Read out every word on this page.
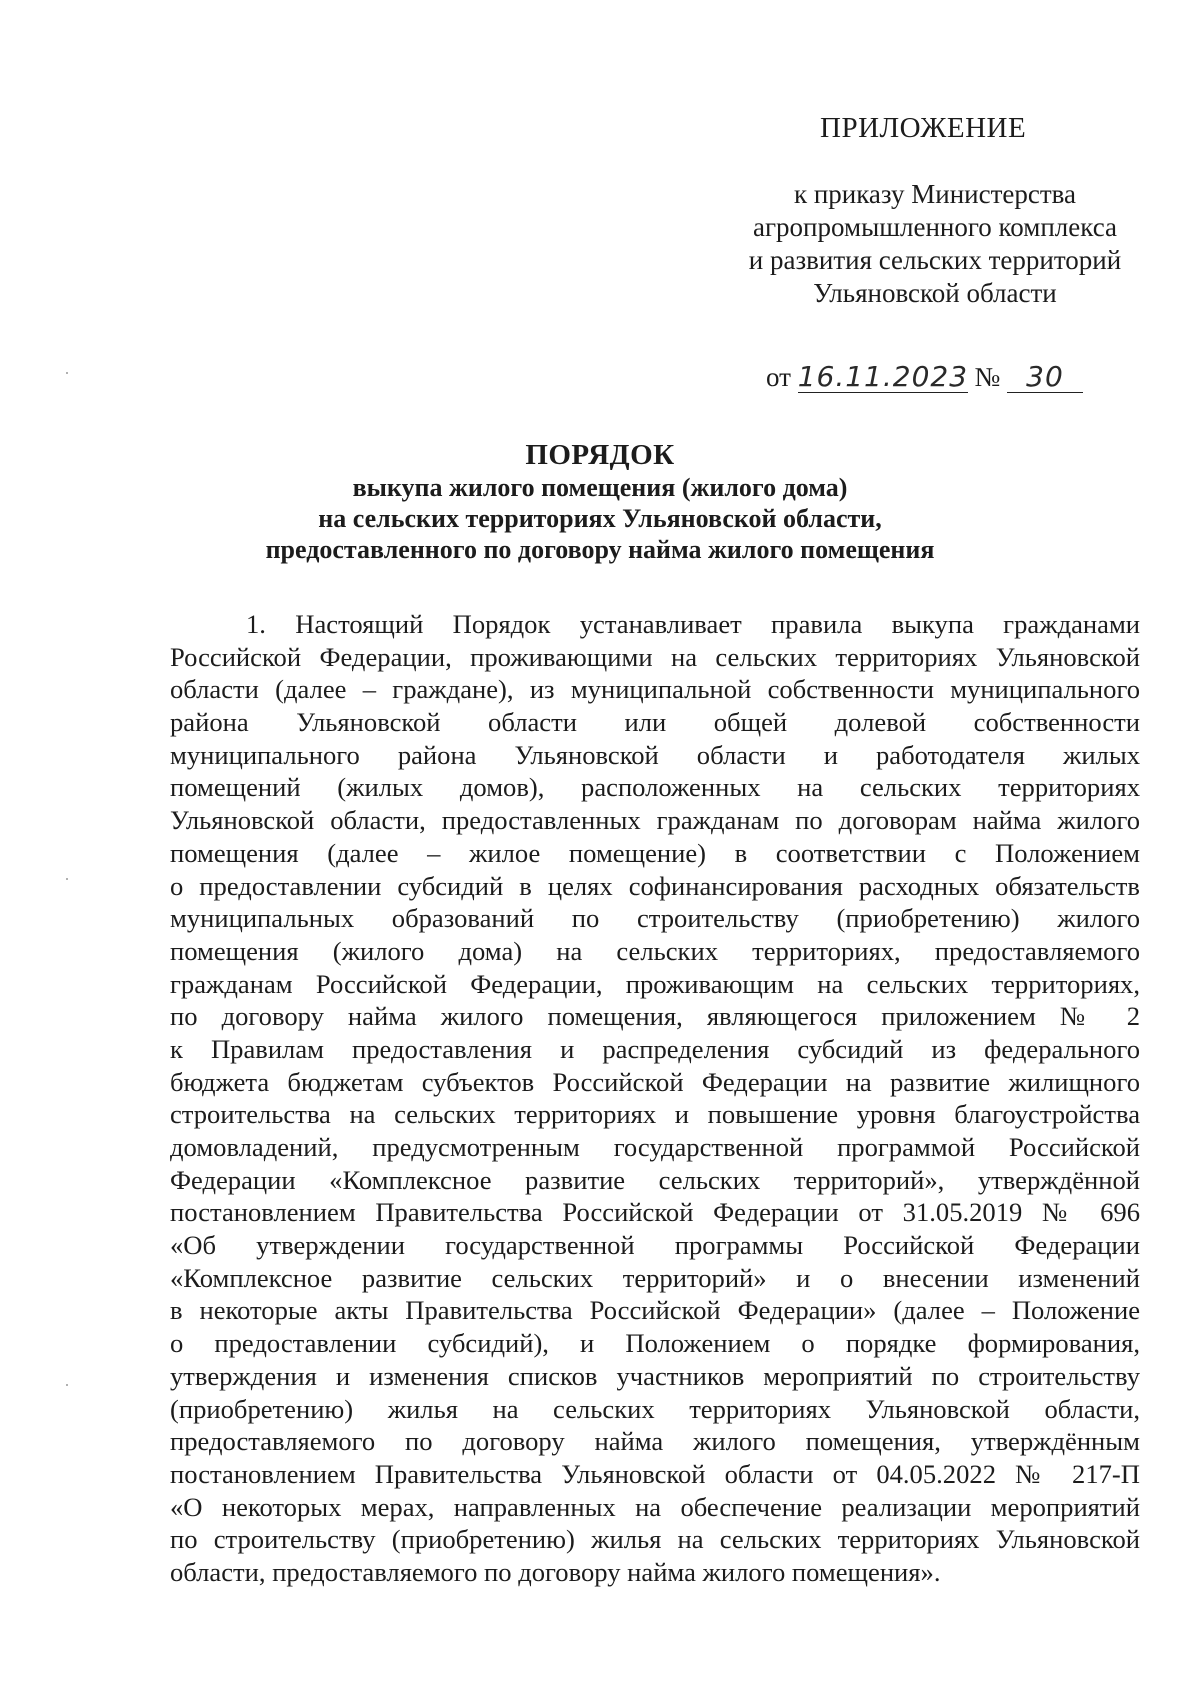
ПРИЛОЖЕНИЕ
к приказу Министерства
агропромышленного комплекса
и развития сельских территорий
Ульяновской области
от 16.11.2023 № 30
ПОРЯДОК
выкупа жилого помещения (жилого дома)
на сельских территориях Ульяновской области,
предоставленного по договору найма жилого помещения
1. Настоящий Порядок устанавливает правила выкупа гражданами
Российской Федерации, проживающими на сельских территориях Ульяновской
области (далее – граждане), из муниципальной собственности муниципального
района Ульяновской области или общей долевой собственности
муниципального района Ульяновской области и работодателя жилых
помещений (жилых домов), расположенных на сельских территориях
Ульяновской области, предоставленных гражданам по договорам найма жилого
помещения (далее – жилое помещение) в соответствии с Положением
о предоставлении субсидий в целях софинансирования расходных обязательств
муниципальных образований по строительству (приобретению) жилого
помещения (жилого дома) на сельских территориях, предоставляемого
гражданам Российской Федерации, проживающим на сельских территориях,
по договору найма жилого помещения, являющегося приложением № 2
к Правилам предоставления и распределения субсидий из федерального
бюджета бюджетам субъектов Российской Федерации на развитие жилищного
строительства на сельских территориях и повышение уровня благоустройства
домовладений, предусмотренным государственной программой Российской
Федерации «Комплексное развитие сельских территорий», утверждённой
постановлением Правительства Российской Федерации от 31.05.2019 № 696
«Об утверждении государственной программы Российской Федерации
«Комплексное развитие сельских территорий» и о внесении изменений
в некоторые акты Правительства Российской Федерации» (далее – Положение
о предоставлении субсидий), и Положением о порядке формирования,
утверждения и изменения списков участников мероприятий по строительству
(приобретению) жилья на сельских территориях Ульяновской области,
предоставляемого по договору найма жилого помещения, утверждённым
постановлением Правительства Ульяновской области от 04.05.2022 № 217-П
«О некоторых мерах, направленных на обеспечение реализации мероприятий
по строительству (приобретению) жилья на сельских территориях Ульяновской
области, предоставляемого по договору найма жилого помещения».
